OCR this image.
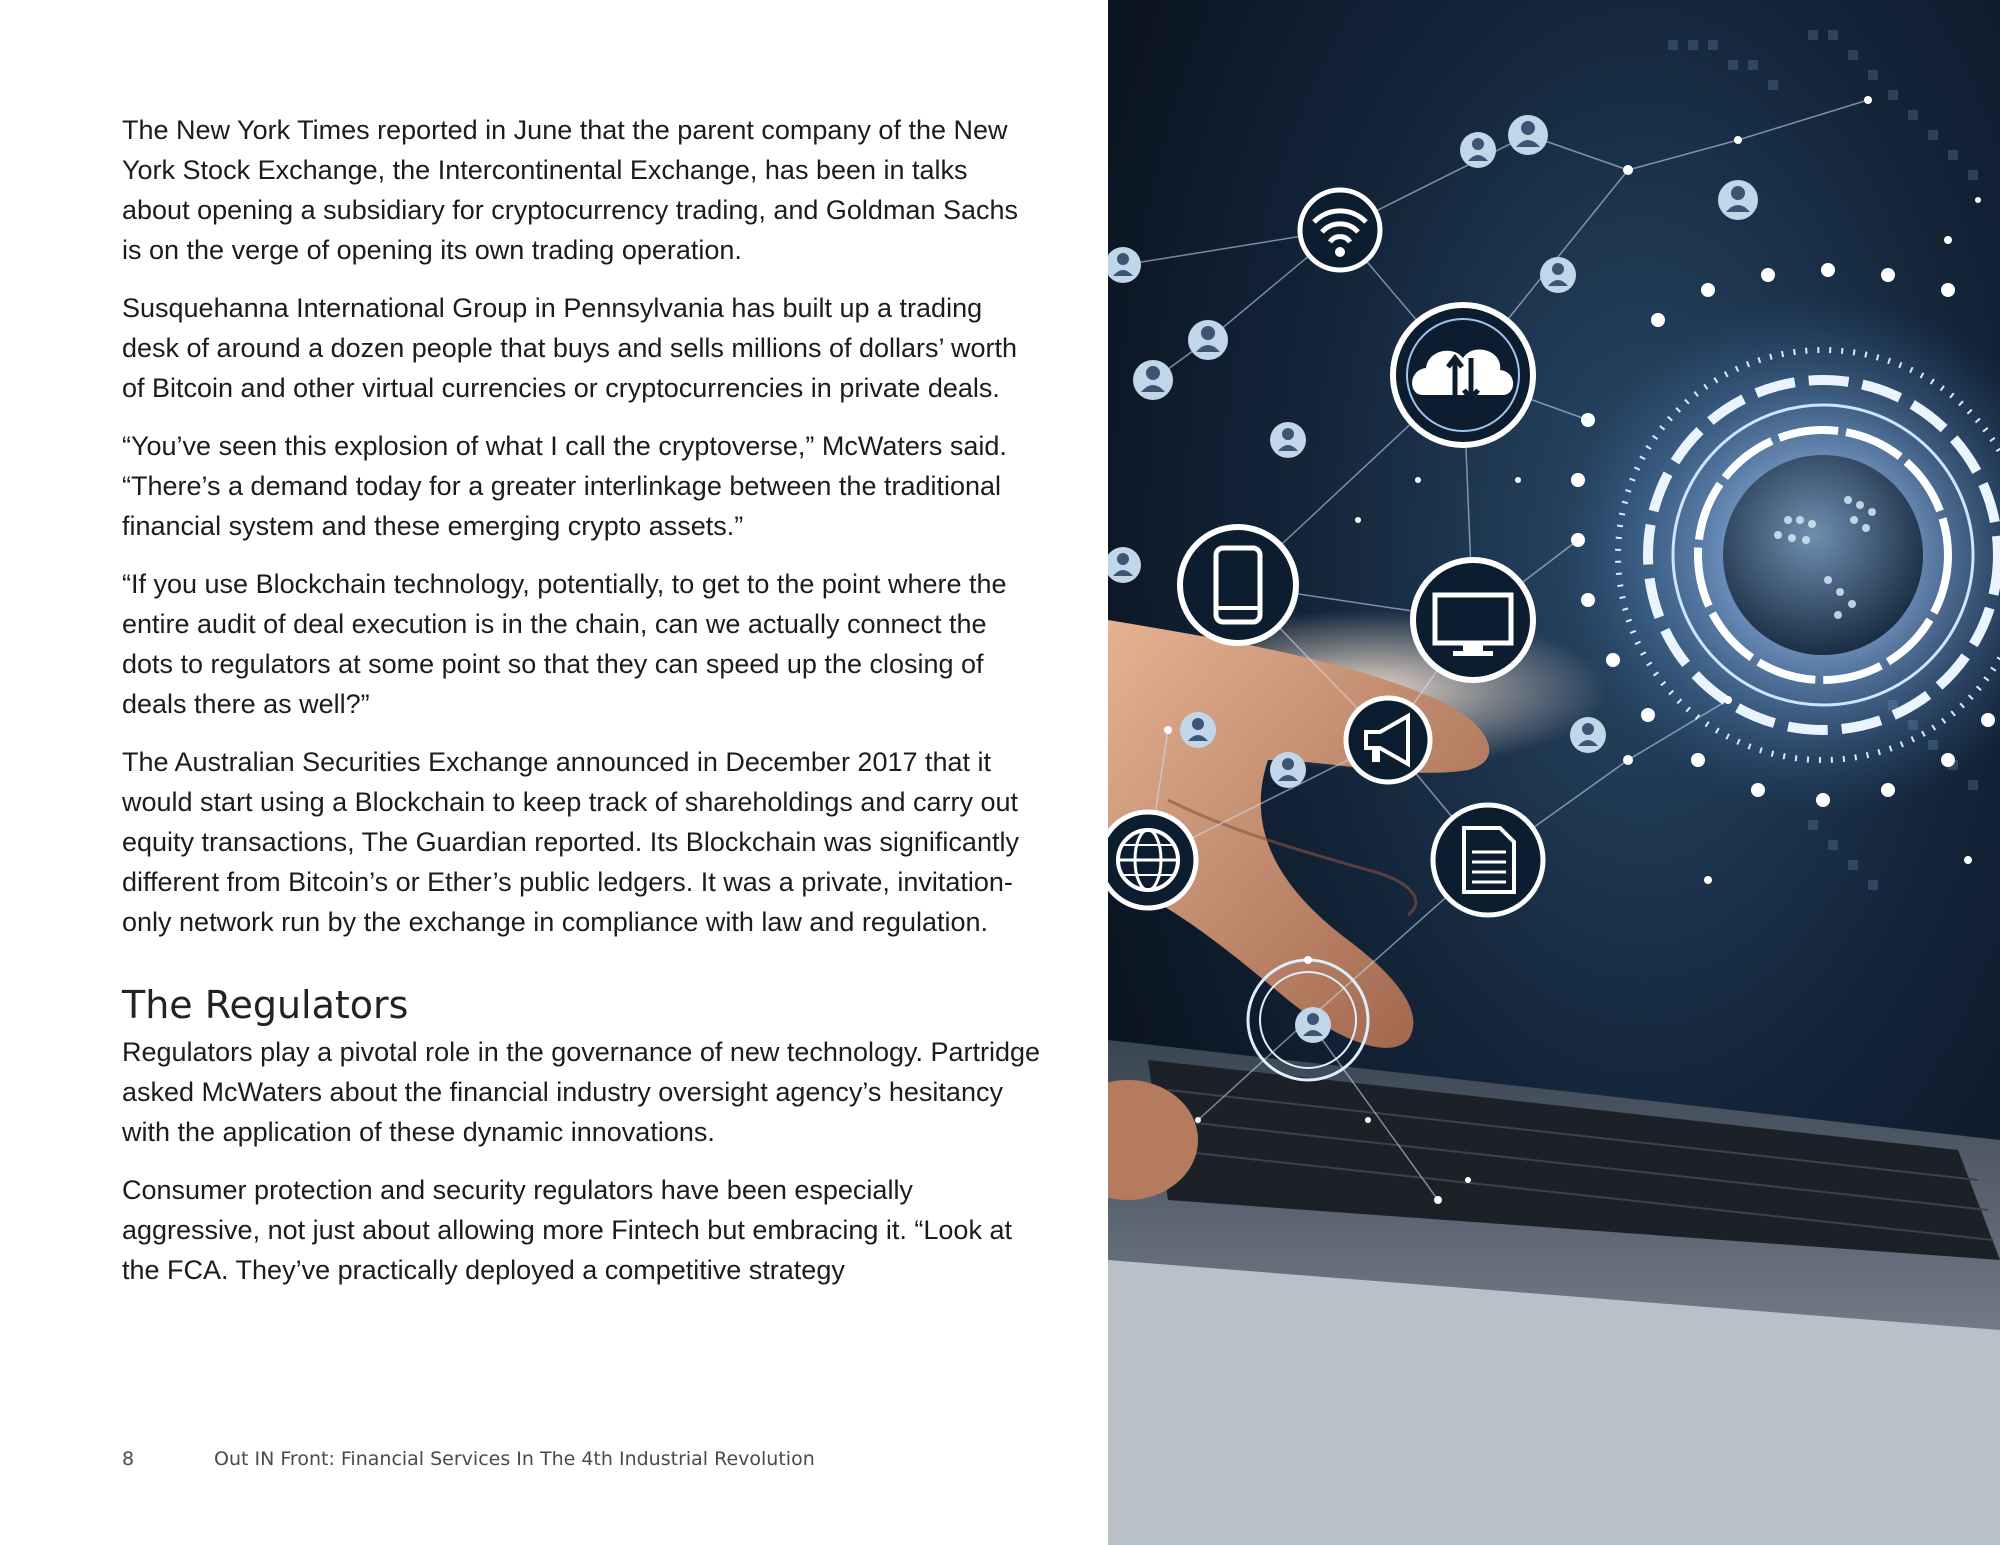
The New York Times reported in June that the parent company of the New York Stock Exchange, the Intercontinental Exchange, has been in talks about opening a subsidiary for cryptocurrency trading, and Goldman Sachs is on the verge of opening its own trading operation.

Susquehanna International Group in Pennsylvania has built up a trading desk of around a dozen people that buys and sells millions of dollars’ worth of Bitcoin and other virtual currencies or cryptocurrencies in private deals.

“You’ve seen this explosion of what I call the cryptoverse,” McWaters said. “There’s a demand today for a greater interlinkage between the traditional financial system and these emerging crypto assets.”

“If you use Blockchain technology, potentially, to get to the point where the entire audit of deal execution is in the chain, can we actually connect the dots to regulators at some point so that they can speed up the closing of deals there as well?”

The Australian Securities Exchange announced in December 2017 that it would start using a Blockchain to keep track of shareholdings and carry out equity transactions, The Guardian reported. Its Blockchain was significantly different from Bitcoin’s or Ether’s public ledgers. It was a private, invitation-only network run by the exchange in compliance with law and regulation.

The Regulators

Regulators play a pivotal role in the governance of new technology. Partridge asked McWaters about the financial industry oversight agency’s hesitancy with the application of these dynamic innovations.

Consumer protection and security regulators have been especially aggressive, not just about allowing more Fintech but embracing it. “Look at the FCA. They’ve practically deployed a competitive strategy

8	Out IN Front: Financial Services In The 4th Industrial Revolution
